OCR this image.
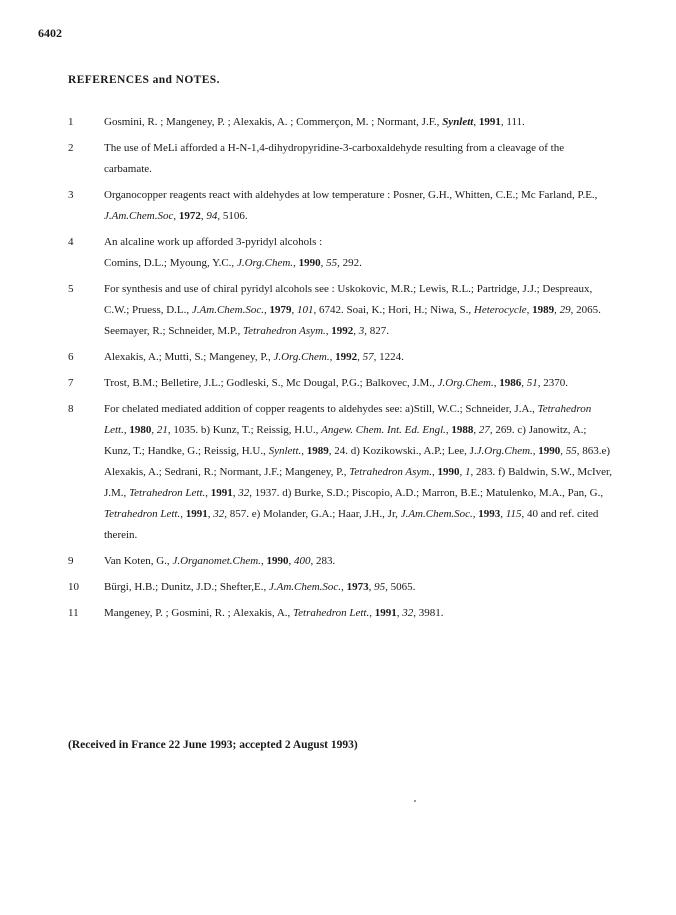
6402
REFERENCES and NOTES.
1	Gosmini, R. ; Mangeney, P. ; Alexakis, A. ; Commerçon, M. ; Normant, J.F., Synlett, 1991, 111.
2	The use of MeLi afforded a H-N-1,4-dihydropyridine-3-carboxaldehyde resulting from a cleavage of the carbamate.
3	Organocopper reagents react with aldehydes at low temperature : Posner, G.H., Whitten, C.E.; Mc Farland, P.E., J.Am.Chem.Soc, 1972, 94, 5106.
4	An alcaline work up afforded 3-pyridyl alcohols :
Comins, D.L.; Myoung, Y.C., J.Org.Chem., 1990, 55, 292.
5	For synthesis and use of chiral pyridyl alcohols see : Uskokovic, M.R.; Lewis, R.L.; Partridge, J.J.; Despreaux, C.W.; Pruess, D.L., J.Am.Chem.Soc., 1979, 101, 6742. Soai, K.; Hori, H.; Niwa, S., Heterocycle, 1989, 29, 2065. Seemayer, R.; Schneider, M.P., Tetrahedron Asym., 1992, 3, 827.
6	Alexakis, A.; Mutti, S.; Mangeney, P., J.Org.Chem., 1992, 57, 1224.
7	Trost, B.M.; Belletire, J.L.; Godleski, S., Mc Dougal, P.G.; Balkovec, J.M., J.Org.Chem., 1986, 51, 2370.
8	For chelated mediated addition of copper reagents to aldehydes see: a)Still, W.C.; Schneider, J.A., Tetrahedron Lett., 1980, 21, 1035. b) Kunz, T.; Reissig, H.U., Angew. Chem. Int. Ed. Engl., 1988, 27, 269. c) Janowitz, A.; Kunz, T.; Handke, G.; Reissig, H.U., Synlett., 1989, 24. d) Kozikowski., A.P.; Lee, J.J.Org.Chem., 1990, 55, 863.e) Alexakis, A.; Sedrani, R.; Normant, J.F.; Mangeney, P., Tetrahedron Asym., 1990, 1, 283. f) Baldwin, S.W., McIver, J.M., Tetrahedron Lett., 1991, 32, 1937. d) Burke, S.D.; Piscopio, A.D.; Marron, B.E.; Matulenko, M.A., Pan, G., Tetrahedron Lett., 1991, 32, 857. e) Molander, G.A.; Haar, J.H., Jr, J.Am.Chem.Soc., 1993, 115, 40 and ref. cited therein.
9	Van Koten, G., J.Organomet.Chem., 1990, 400, 283.
10 Bürgi, H.B.; Dunitz, J.D.; Shefter,E., J.Am.Chem.Soc., 1973, 95, 5065.
11 Mangeney, P. ; Gosmini, R. ; Alexakis, A., Tetrahedron Lett., 1991, 32, 3981.
(Received in France 22 June 1993; accepted 2 August 1993)
